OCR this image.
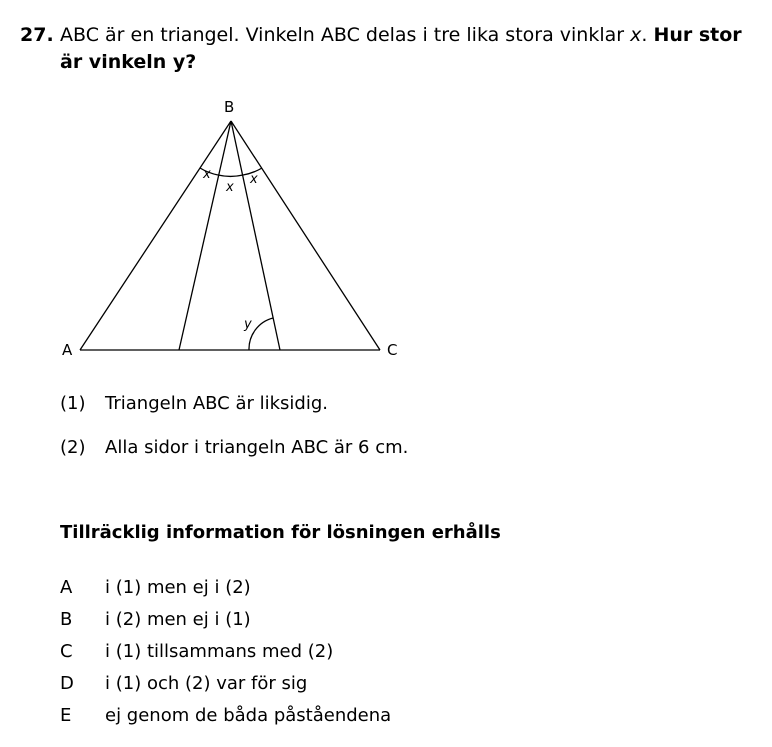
27. ABC är en triangel. Vinkeln ABC delas i tre lika stora vinklar x. Hur stor är vinkeln y?
B
A	C
x
x
x
y
(1) Triangeln ABC är liksidig.
(2) Alla sidor i triangeln ABC är 6 cm.
Tillräcklig information för lösningen erhålls
A i (1) men ej i (2)
B i (2) men ej i (1)
C i (1) tillsammans med (2)
D i (1) och (2) var för sig
E ej genom de båda påståendena
